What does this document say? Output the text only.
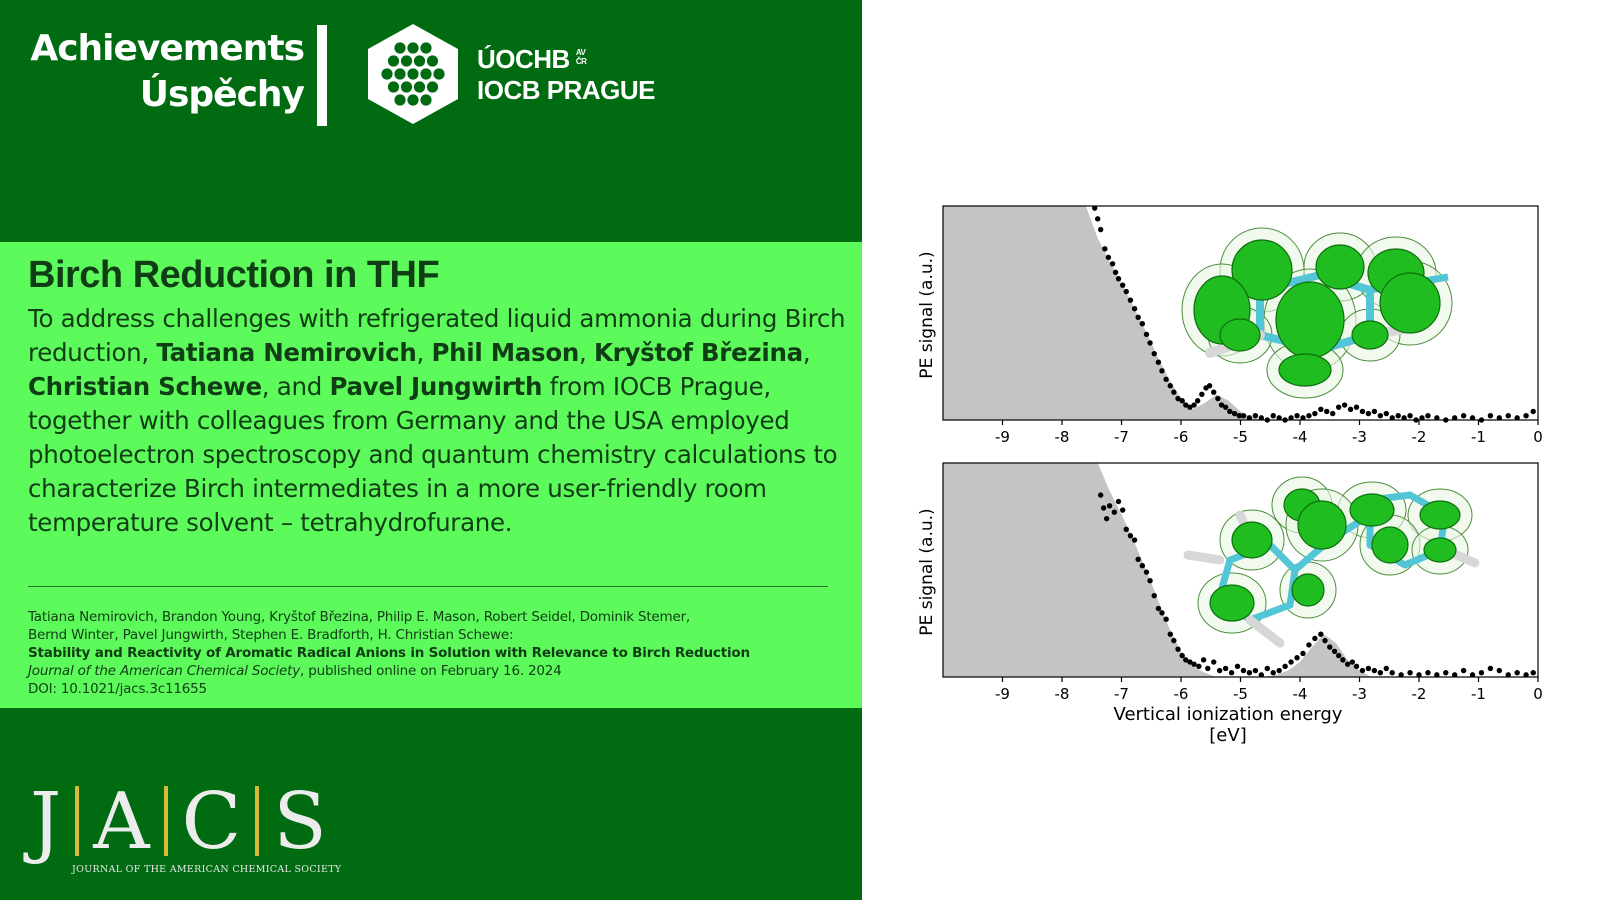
Achievements
Úspěchy
ÚOCHB AV
ČR
IOCB PRAGUE
Birch Reduction in THF
To address challenges with refrigerated liquid ammonia during Birch reduction, Tatiana Nemirovich, Phil Mason, Kryštof Březina, Christian Schewe, and Pavel Jungwirth from IOCB Prague, together with colleagues from Germany and the USA employed photoelectron spectroscopy and quantum chemistry calculations to characterize Birch intermediates in a more user-friendly room temperature solvent – tetrahydrofurane.
Tatiana Nemirovich, Brandon Young, Kryštof Březina, Philip E. Mason, Robert Seidel, Dominik Stemer,
Bernd Winter, Pavel Jungwirth, Stephen E. Bradforth, H. Christian Schewe:
Stability and Reactivity of Aromatic Radical Anions in Solution with Relevance to Birch Reduction
Journal of the American Chemical Society, published online on February 16. 2024
DOI: 10.1021/jacs.3c11655
J A C S
JOURNAL OF THE AMERICAN CHEMICAL SOCIETY
-9	-8	-7	-6	-5	-4	-3	-2	-1	0
PE signal (a.u.)
-9	-8	-7	-6	-5	-4	-3	-2	-1	0
PE signal (a.u.)
Vertical ionization energy [eV]
